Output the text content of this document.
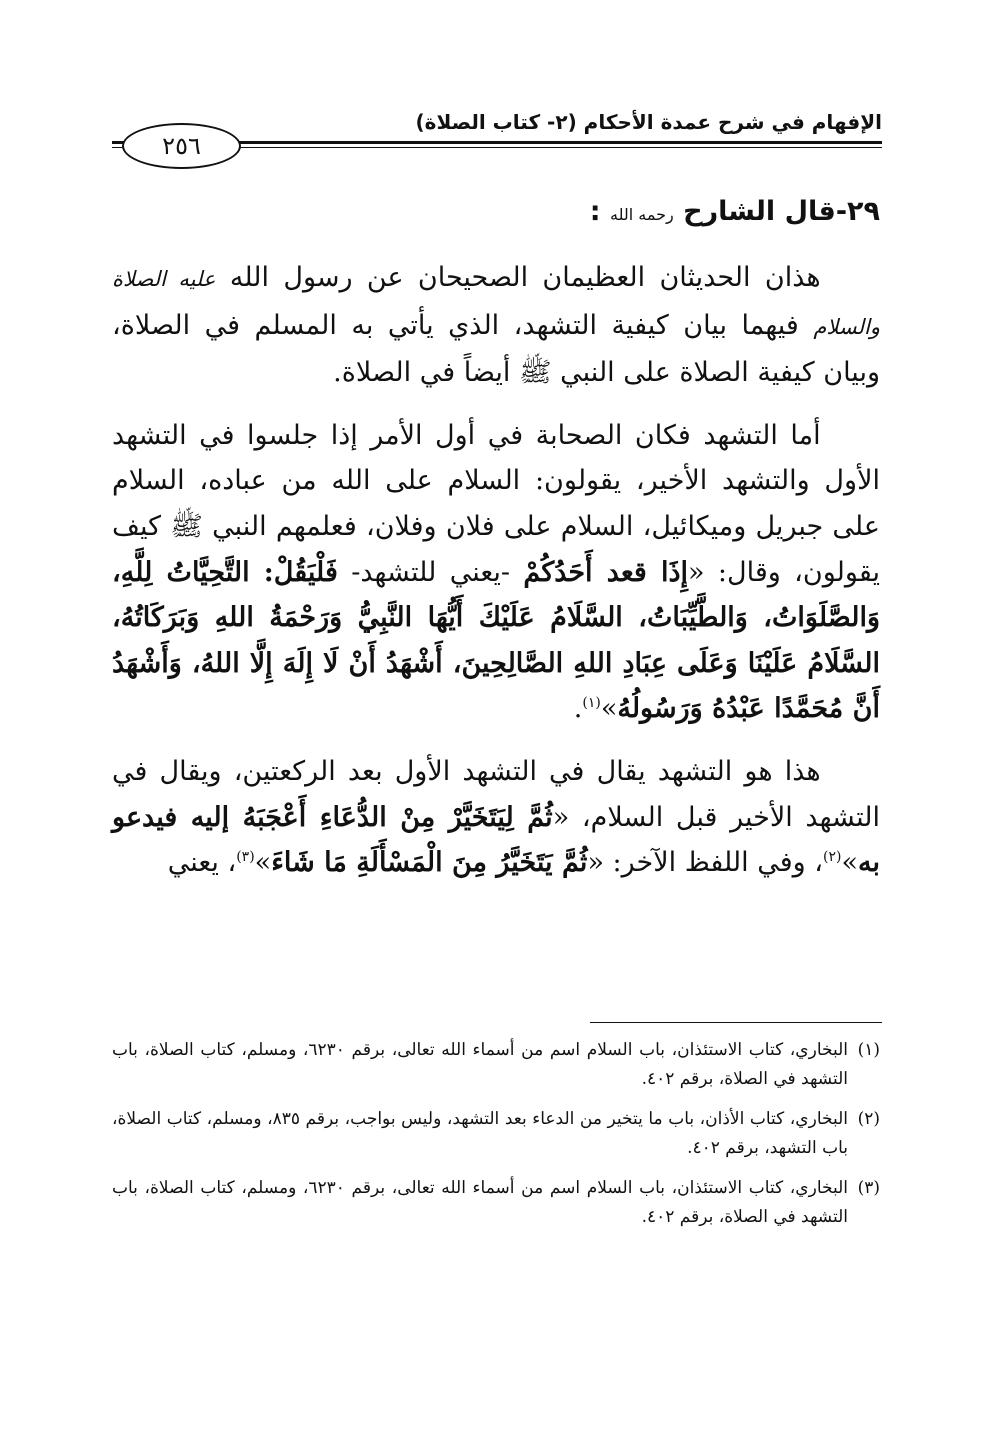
الإفهام في شرح عمدة الأحكام (٢- كتاب الصلاة)
٢٥٦
٢٩-قال الشارح رحمه الله :

هذان الحديثان العظيمان الصحيحان عن رسول الله عليه الصلاة والسلام فيهما بيان كيفية التشهد، الذي يأتي به المسلم في الصلاة، وبيان كيفية الصلاة على النبي ﷺ أيضاً في الصلاة.

أما التشهد فكان الصحابة في أول الأمر إذا جلسوا في التشهد الأول والتشهد الأخير، يقولون: السلام على الله من عباده، السلام على جبريل وميكائيل، السلام على فلان وفلان، فعلمهم النبي ﷺ كيف يقولون، وقال: «إِذَا قعد أَحَدُكُمْ -يعني للتشهد- فَلْيَقُلْ: التَّحِيَّاتُ لِلَّهِ، وَالصَّلَوَاتُ، وَالطَّيِّبَاتُ، السَّلَامُ عَلَيْكَ أَيُّهَا النَّبِيُّ وَرَحْمَةُ اللهِ وَبَرَكَاتُهُ، السَّلَامُ عَلَيْنَا وَعَلَى عِبَادِ اللهِ الصَّالِحِينَ، أَشْهَدُ أَنْ لَا إِلَهَ إِلَّا اللهُ، وَأَشْهَدُ أَنَّ مُحَمَّدًا عَبْدُهُ وَرَسُولُهُ»$^{(١)}$.

هذا هو التشهد يقال في التشهد الأول بعد الركعتين، ويقال في التشهد الأخير قبل السلام، «ثُمَّ لِيَتَخَيَّرْ مِنْ الدُّعَاءِ أَعْجَبَهُ إليه فيدعو به»$^{(٢)}$، وفي اللفظ الآخر: «ثُمَّ يَتَخَيَّرُ مِنَ الْمَسْأَلَةِ مَا شَاءَ»$^{(٣)}$، يعني

(١)
البخاري، كتاب الاستئذان، باب السلام اسم من أسماء الله تعالى، برقم ٦٢٣٠، ومسلم، كتاب الصلاة، باب التشهد في الصلاة، برقم ٤٠٢.

(٢)
البخاري، كتاب الأذان، باب ما يتخير من الدعاء بعد التشهد، وليس بواجب، برقم ٨٣٥، ومسلم، كتاب الصلاة، باب التشهد، برقم ٤٠٢.

(٣)
البخاري، كتاب الاستئذان، باب السلام اسم من أسماء الله تعالى، برقم ٦٢٣٠، ومسلم، كتاب الصلاة، باب التشهد في الصلاة، برقم ٤٠٢.
